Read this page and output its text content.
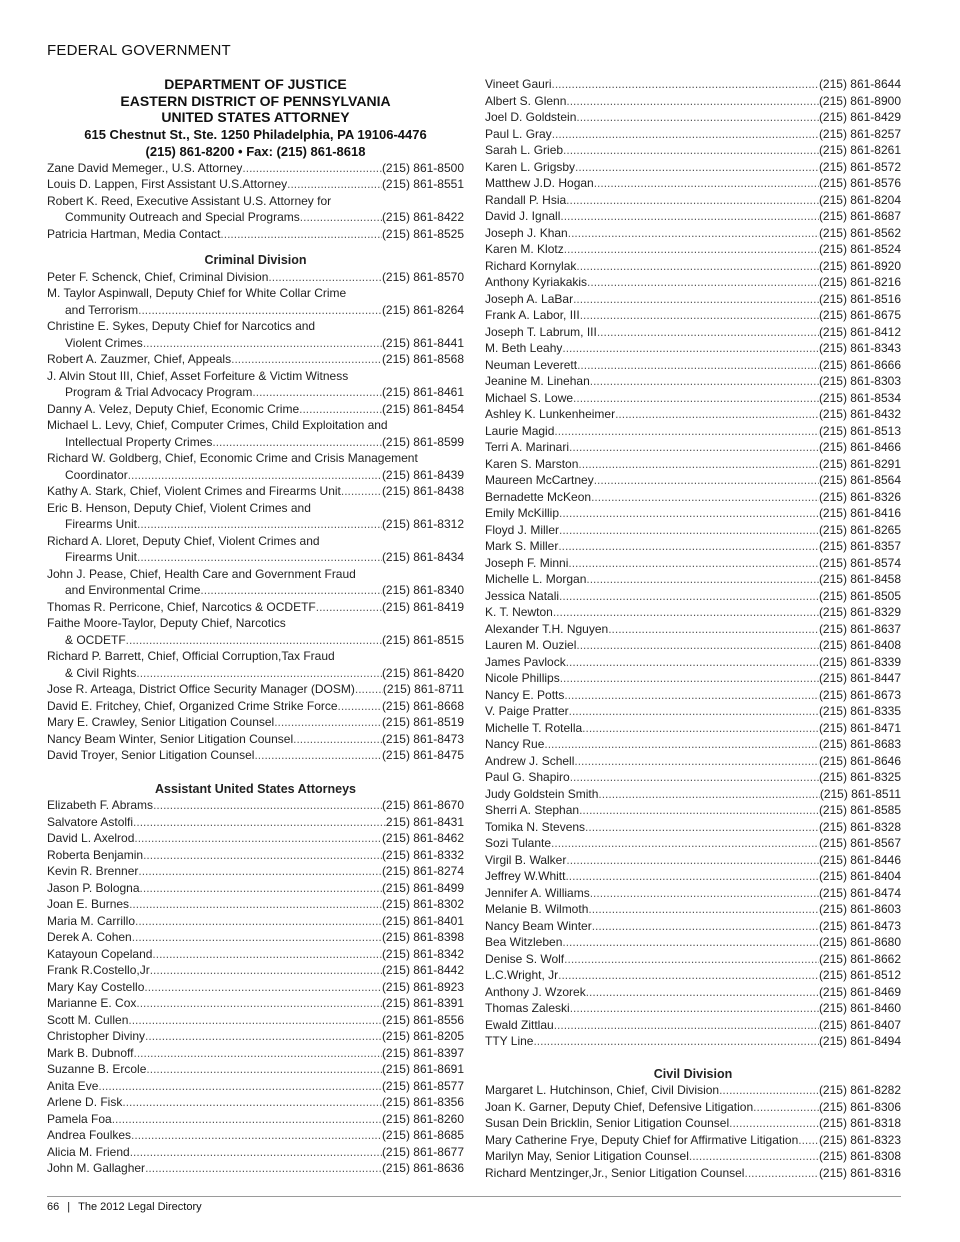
FEDERAL GOVERNMENT
DEPARTMENT OF JUSTICE
EASTERN DISTRICT OF PENNSYLVANIA
UNITED STATES ATTORNEY
615 Chestnut St., Ste. 1250 Philadelphia, PA 19106-4476
(215) 861-8200 • Fax: (215) 861-8618
Zane David Memeger., U.S. Attorney .....	(215) 861-8500
Louis D. Lappen, First Assistant U.S.Attorney .....	(215) 861-8551
Robert K. Reed, Executive Assistant U.S. Attorney for
Community Outreach and Special Programs .....	(215) 861-8422
Patricia Hartman, Media Contact .....	(215) 861-8525
Criminal Division
Peter F. Schenck, Chief, Criminal Division .....	(215) 861-8570
M. Taylor Aspinwall, Deputy Chief for White Collar Crime
and Terrorism .....	(215) 861-8264
Christine E. Sykes, Deputy Chief for Narcotics and
Violent Crimes .....	(215) 861-8441
Robert A. Zauzmer, Chief, Appeals .....	(215) 861-8568
J. Alvin Stout III, Chief, Asset Forfeiture & Victim Witness
Program & Trial Advocacy Program .....	(215) 861-8461
Danny A. Velez, Deputy Chief, Economic Crime .....	(215) 861-8454
Michael L. Levy, Chief, Computer Crimes, Child Exploitation and
Intellectual Property Crimes .....	(215) 861-8599
Richard W. Goldberg, Chief, Economic Crime and Crisis Management
Coordinator .....	(215) 861-8439
Kathy A. Stark, Chief, Violent Crimes and Firearms Unit .....	(215) 861-8438
Eric B. Henson, Deputy Chief, Violent Crimes and
Firearms Unit .....	(215) 861-8312
Richard A. Lloret, Deputy Chief, Violent Crimes and
Firearms Unit .....	(215) 861-8434
John J. Pease, Chief, Health Care and Government Fraud
and Environmental Crime .....	(215) 861-8340
Thomas R. Perricone, Chief, Narcotics & OCDETF .....	(215) 861-8419
Faithe Moore-Taylor, Deputy Chief, Narcotics
& OCDETF .....	(215) 861-8515
Richard P. Barrett, Chief, Official Corruption,Tax Fraud
& Civil Rights .....	(215) 861-8420
Jose R. Arteaga, District Office Security Manager (DOSM) ..... (215) 861-8711
David E. Fritchey, Chief, Organized Crime Strike Force .....	(215) 861-8668
Mary E. Crawley, Senior Litigation Counsel .....	(215) 861-8519
Nancy Beam Winter, Senior Litigation Counsel .....	(215) 861-8473
David Troyer, Senior Litigation Counsel .....	(215) 861-8475
Assistant United States Attorneys
Elizabeth F. Abrams .....	(215) 861-8670
Salvatore Astolfi .....	215) 861-8431
David L. Axelrod .....	(215) 861-8462
Roberta Benjamin .....	(215) 861-8332
Kevin R. Brenner .....	(215) 861-8274
Jason P. Bologna .....	(215) 861-8499
Joan E. Burnes .....	(215) 861-8302
Maria M. Carrillo .....	(215) 861-8401
Derek A. Cohen .....	(215) 861-8398
Katayoun Copeland .....	(215) 861-8342
Frank R.Costello,Jr .....	(215) 861-8442
Mary Kay Costello .....	(215) 861-8923
Marianne E. Cox .....	(215) 861-8391
Scott M. Cullen .....	(215) 861-8556
Christopher Diviny .....	(215) 861-8205
Mark B. Dubnoff .....	(215) 861-8397
Suzanne B. Ercole .....	(215) 861-8691
Anita Eve .....	(215) 861-8577
Arlene D. Fisk .....	(215) 861-8356
Pamela Foa .....	(215) 861-8260
Andrea Foulkes .....	(215) 861-8685
Alicia M. Friend .....	(215) 861-8677
John M. Gallagher .....	(215) 861-8636
Vineet Gauri .....	(215) 861-8644
Albert S. Glenn .....	(215) 861-8900
Joel D. Goldstein .....	(215) 861-8429
Paul L. Gray .....	(215) 861-8257
Sarah L. Grieb .....	(215) 861-8261
Karen L. Grigsby .....	(215) 861-8572
Matthew J.D. Hogan .....	(215) 861-8576
Randall P. Hsia .....	(215) 861-8204
David J. Ignall .....	(215) 861-8687
Joseph J. Khan .....	(215) 861-8562
Karen M. Klotz .....	(215) 861-8524
Richard Kornylak .....	(215) 861-8920
Anthony Kyriakakis .....	(215) 861-8216
Joseph A. LaBar .....	(215) 861-8516
Frank A. Labor, III .....	(215) 861-8675
Joseph T. Labrum, III .....	(215) 861-8412
M. Beth Leahy .....	(215) 861-8343
Neuman Leverett .....	(215) 861-8666
Jeanine M. Linehan .....	(215) 861-8303
Michael S. Lowe .....	(215) 861-8534
Ashley K. Lunkenheimer .....	(215) 861-8432
Laurie Magid .....	(215) 861-8513
Terri A. Marinari .....	(215) 861-8466
Karen S. Marston .....	(215) 861-8291
Maureen McCartney .....	(215) 861-8564
Bernadette McKeon .....	(215) 861-8326
Emily McKillip .....	(215) 861-8416
Floyd J. Miller .....	(215) 861-8265
Mark S. Miller .....	(215) 861-8357
Joseph F. Minni .....	(215) 861-8574
Michelle L. Morgan .....	(215) 861-8458
Jessica Natali .....	(215) 861-8505
K. T. Newton .....	(215) 861-8329
Alexander T.H. Nguyen .....	(215) 861-8637
Lauren M. Ouziel .....	(215) 861-8408
James Pavlock .....	(215) 861-8339
Nicole Phillips .....	(215) 861-8447
Nancy E. Potts .....	(215) 861-8673
V. Paige Pratter .....	(215) 861-8335
Michelle T. Rotella .....	(215) 861-8471
Nancy Rue .....	(215) 861-8683
Andrew J. Schell .....	(215) 861-8646
Paul G. Shapiro .....	(215) 861-8325
Judy Goldstein Smith .....	(215) 861-8511
Sherri A. Stephan .....	(215) 861-8585
Tomika N. Stevens .....	(215) 861-8328
Sozi Tulante .....	(215) 861-8567
Virgil B. Walker .....	(215) 861-8446
Jeffrey W.Whitt .....	(215) 861-8404
Jennifer A. Williams .....	(215) 861-8474
Melanie B. Wilmoth .....	(215) 861-8603
Nancy Beam Winter .....	(215) 861-8473
Bea Witzleben .....	(215) 861-8680
Denise S. Wolf .....	(215) 861-8662
L.C.Wright, Jr .....	(215) 861-8512
Anthony J. Wzorek .....	(215) 861-8469
Thomas Zaleski .....	(215) 861-8460
Ewald Zittlau .....	(215) 861-8407
TTY Line .....	(215) 861-8494
Civil Division
Margaret L. Hutchinson, Chief, Civil Division .....	(215) 861-8282
Joan K. Garner, Deputy Chief, Defensive Litigation .....	(215) 861-8306
Susan Dein Bricklin, Senior Litigation Counsel .....	(215) 861-8318
Mary Catherine Frye, Deputy Chief for Affirmative Litigation ..... (215) 861-8323
Marilyn May, Senior Litigation Counsel .....	(215) 861-8308
Richard Mentzinger,Jr., Senior Litigation Counsel .....	(215) 861-8316
66 | The 2012 Legal Directory
